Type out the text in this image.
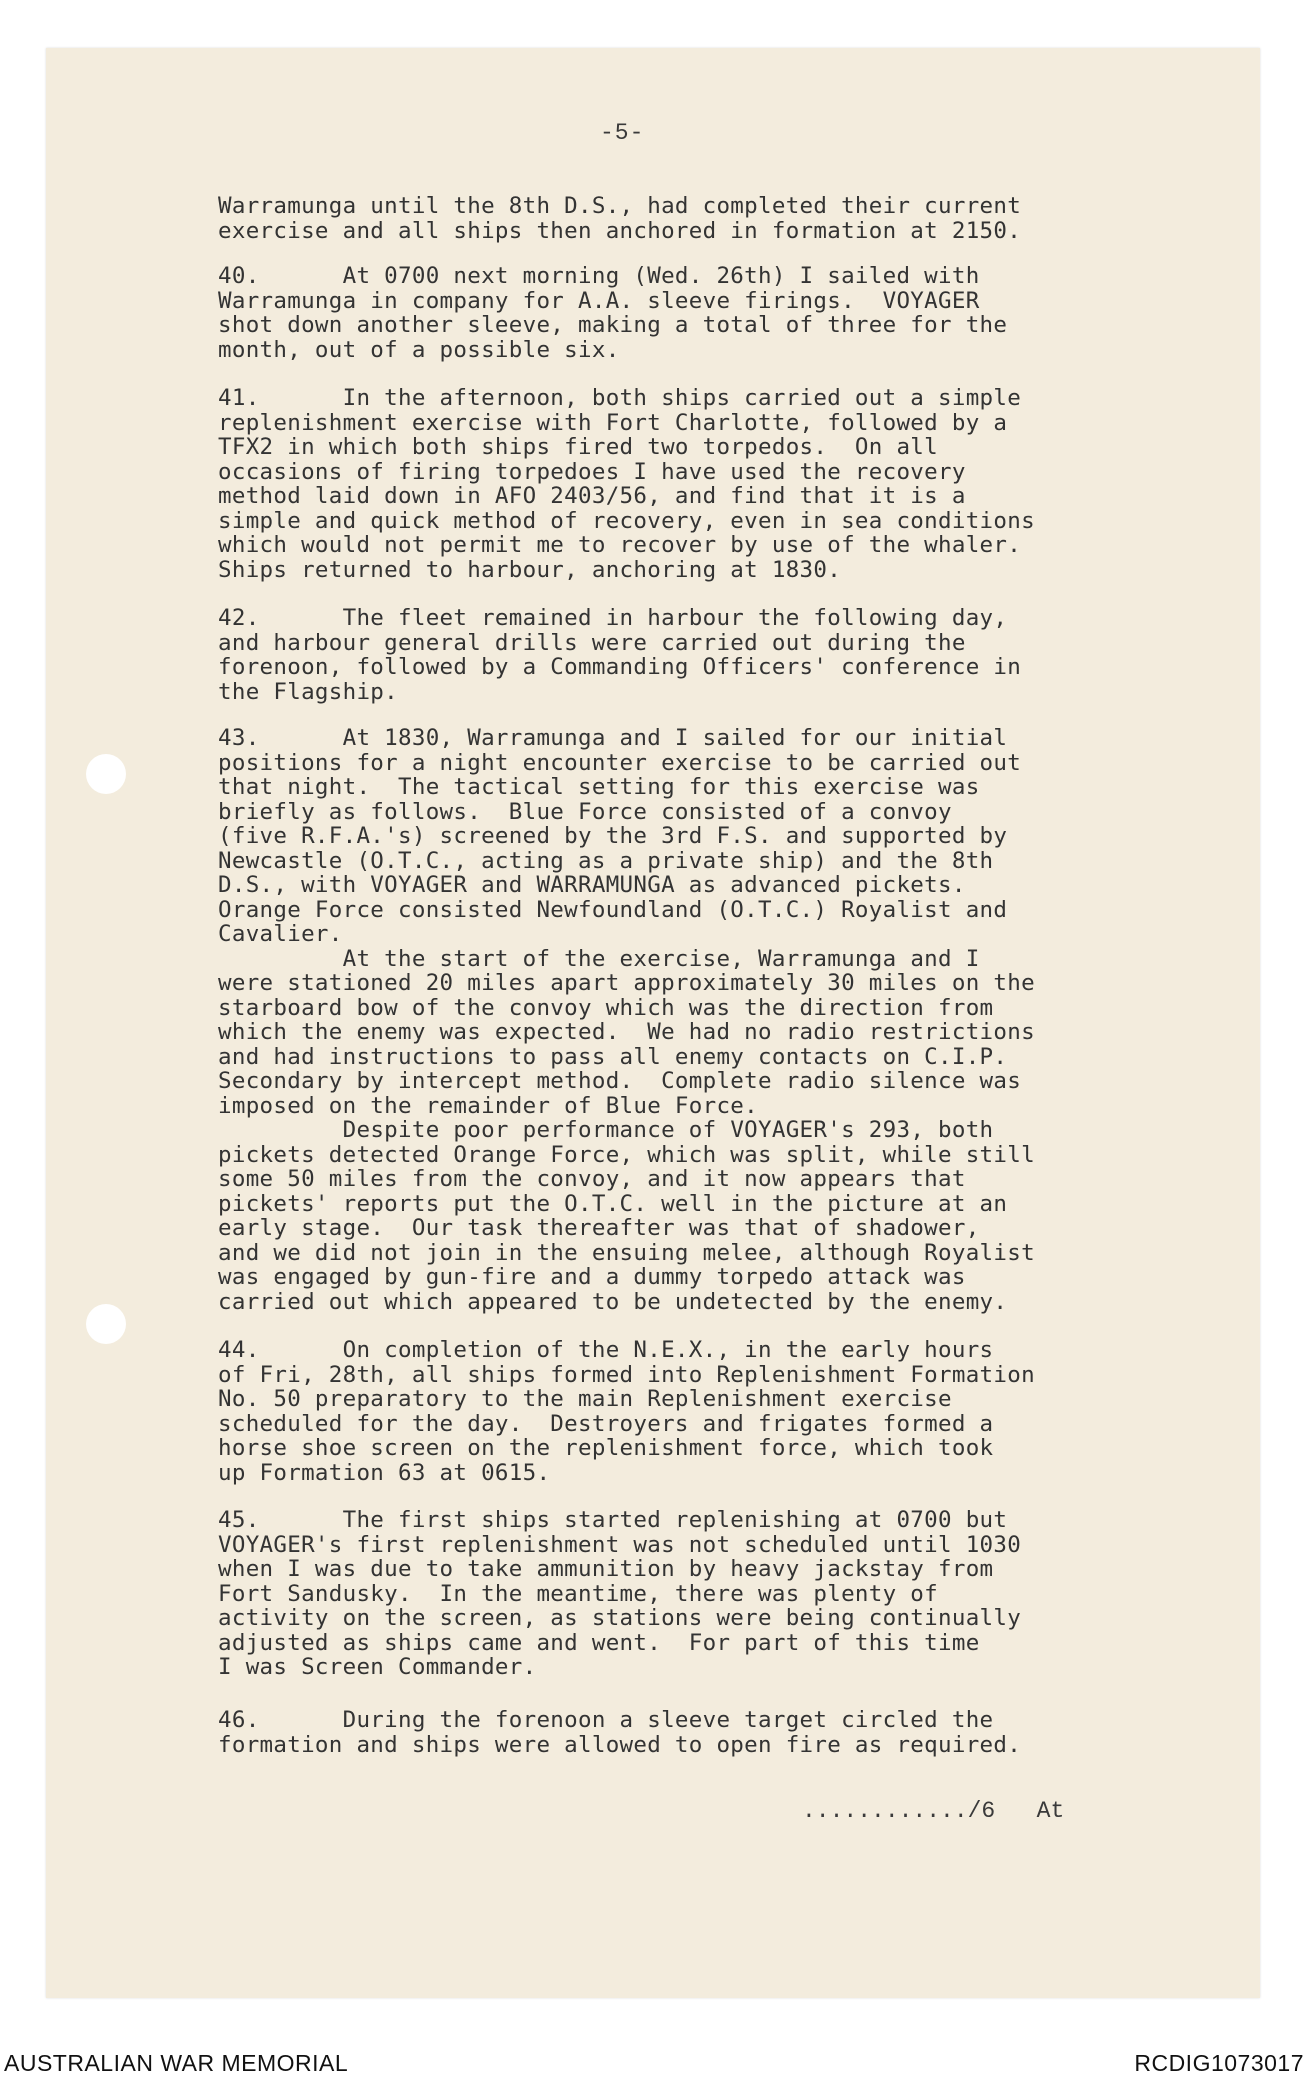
-5-
Warramunga until the 8th D.S., had completed their current
exercise and all ships then anchored in formation at 2150.
40.      At 0700 next morning (Wed. 26th) I sailed with
Warramunga in company for A.A. sleeve firings.  VOYAGER
shot down another sleeve, making a total of three for the
month, out of a possible six.
41.      In the afternoon, both ships carried out a simple
replenishment exercise with Fort Charlotte, followed by a
TFX2 in which both ships fired two torpedos.  On all
occasions of firing torpedoes I have used the recovery
method laid down in AFO 2403/56, and find that it is a
simple and quick method of recovery, even in sea conditions
which would not permit me to recover by use of the whaler.
Ships returned to harbour, anchoring at 1830.
42.      The fleet remained in harbour the following day,
and harbour general drills were carried out during the
forenoon, followed by a Commanding Officers' conference in
the Flagship.
43.      At 1830, Warramunga and I sailed for our initial
positions for a night encounter exercise to be carried out
that night.  The tactical setting for this exercise was
briefly as follows.  Blue Force consisted of a convoy
(five R.F.A.'s) screened by the 3rd F.S. and supported by
Newcastle (O.T.C., acting as a private ship) and the 8th
D.S., with VOYAGER and WARRAMUNGA as advanced pickets.
Orange Force consisted Newfoundland (O.T.C.) Royalist and
Cavalier.
At the start of the exercise, Warramunga and I
were stationed 20 miles apart approximately 30 miles on the
starboard bow of the convoy which was the direction from
which the enemy was expected.  We had no radio restrictions
and had instructions to pass all enemy contacts on C.I.P.
Secondary by intercept method.  Complete radio silence was
imposed on the remainder of Blue Force.
Despite poor performance of VOYAGER's 293, both
pickets detected Orange Force, which was split, while still
some 50 miles from the convoy, and it now appears that
pickets' reports put the O.T.C. well in the picture at an
early stage.  Our task thereafter was that of shadower,
and we did not join in the ensuing melee, although Royalist
was engaged by gun-fire and a dummy torpedo attack was
carried out which appeared to be undetected by the enemy.
44.      On completion of the N.E.X., in the early hours
of Fri, 28th, all ships formed into Replenishment Formation
No. 50 preparatory to the main Replenishment exercise
scheduled for the day.  Destroyers and frigates formed a
horse shoe screen on the replenishment force, which took
up Formation 63 at 0615.
45.      The first ships started replenishing at 0700 but
VOYAGER's first replenishment was not scheduled until 1030
when I was due to take ammunition by heavy jackstay from
Fort Sandusky.  In the meantime, there was plenty of
activity on the screen, as stations were being continually
adjusted as ships came and went.  For part of this time
I was Screen Commander.
46.      During the forenoon a sleeve target circled the
formation and ships were allowed to open fire as required.
............/6 At
AUSTRALIAN WAR MEMORIAL	RCDIG1073017
